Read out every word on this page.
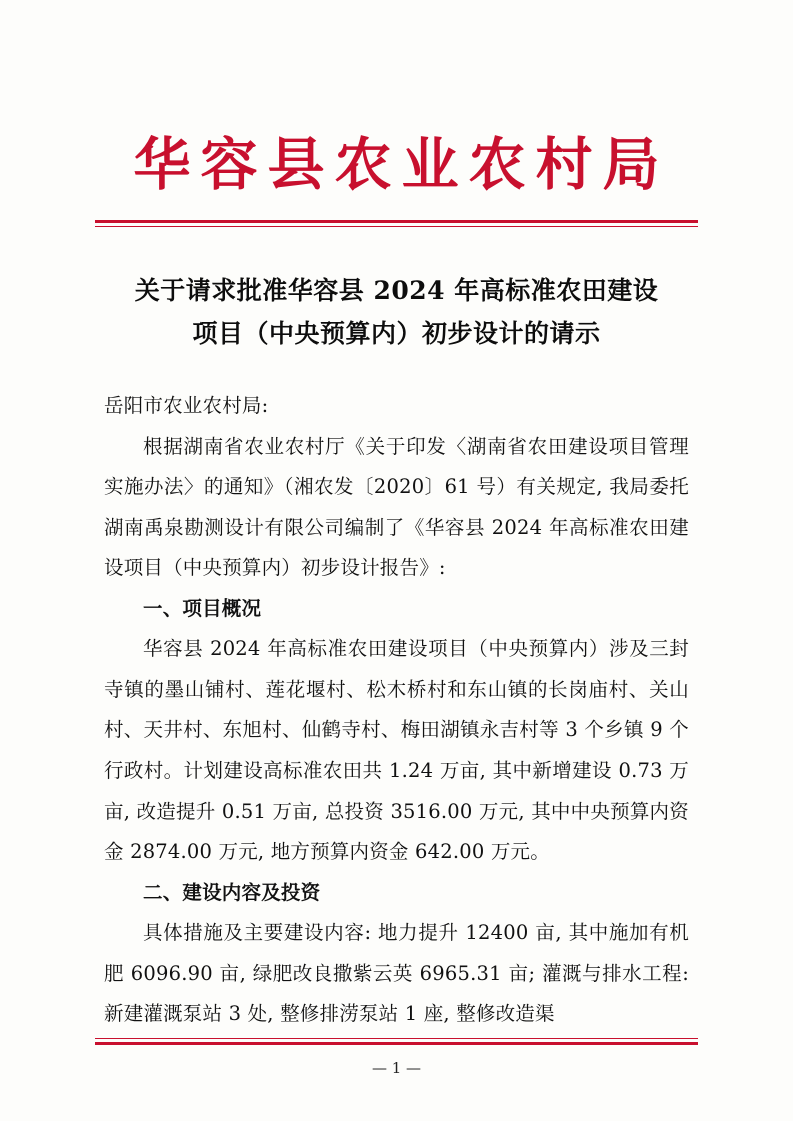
华容县农业农村局
关于请求批准华容县 2024 年高标准农田建设
项目（中央预算内）初步设计的请示

岳阳市农业农村局:

根据湖南省农业农村厅《关于印发〈湖南省农田建设项目管理实施办法〉的通知》（湘农发〔2020〕61 号）有关规定, 我局委托湖南禹泉勘测设计有限公司编制了《华容县 2024 年高标准农田建设项目（中央预算内）初步设计报告》:

一、项目概况

华容县 2024 年高标准农田建设项目（中央预算内）涉及三封寺镇的墨山铺村、莲花堰村、松木桥村和东山镇的长岗庙村、关山村、天井村、东旭村、仙鹤寺村、梅田湖镇永吉村等 3 个乡镇 9 个行政村。计划建设高标准农田共 1.24 万亩, 其中新增建设 0.73 万亩, 改造提升 0.51 万亩, 总投资 3516.00 万元, 其中中央预算内资金 2874.00 万元, 地方预算内资金 642.00 万元。

二、建设内容及投资

具体措施及主要建设内容: 地力提升 12400 亩, 其中施加有机肥 6096.90 亩, 绿肥改良撒紫云英 6965.31 亩; 灌溉与排水工程: 新建灌溉泵站 3 处, 整修排涝泵站 1 座, 整修改造渠

— 1 —
